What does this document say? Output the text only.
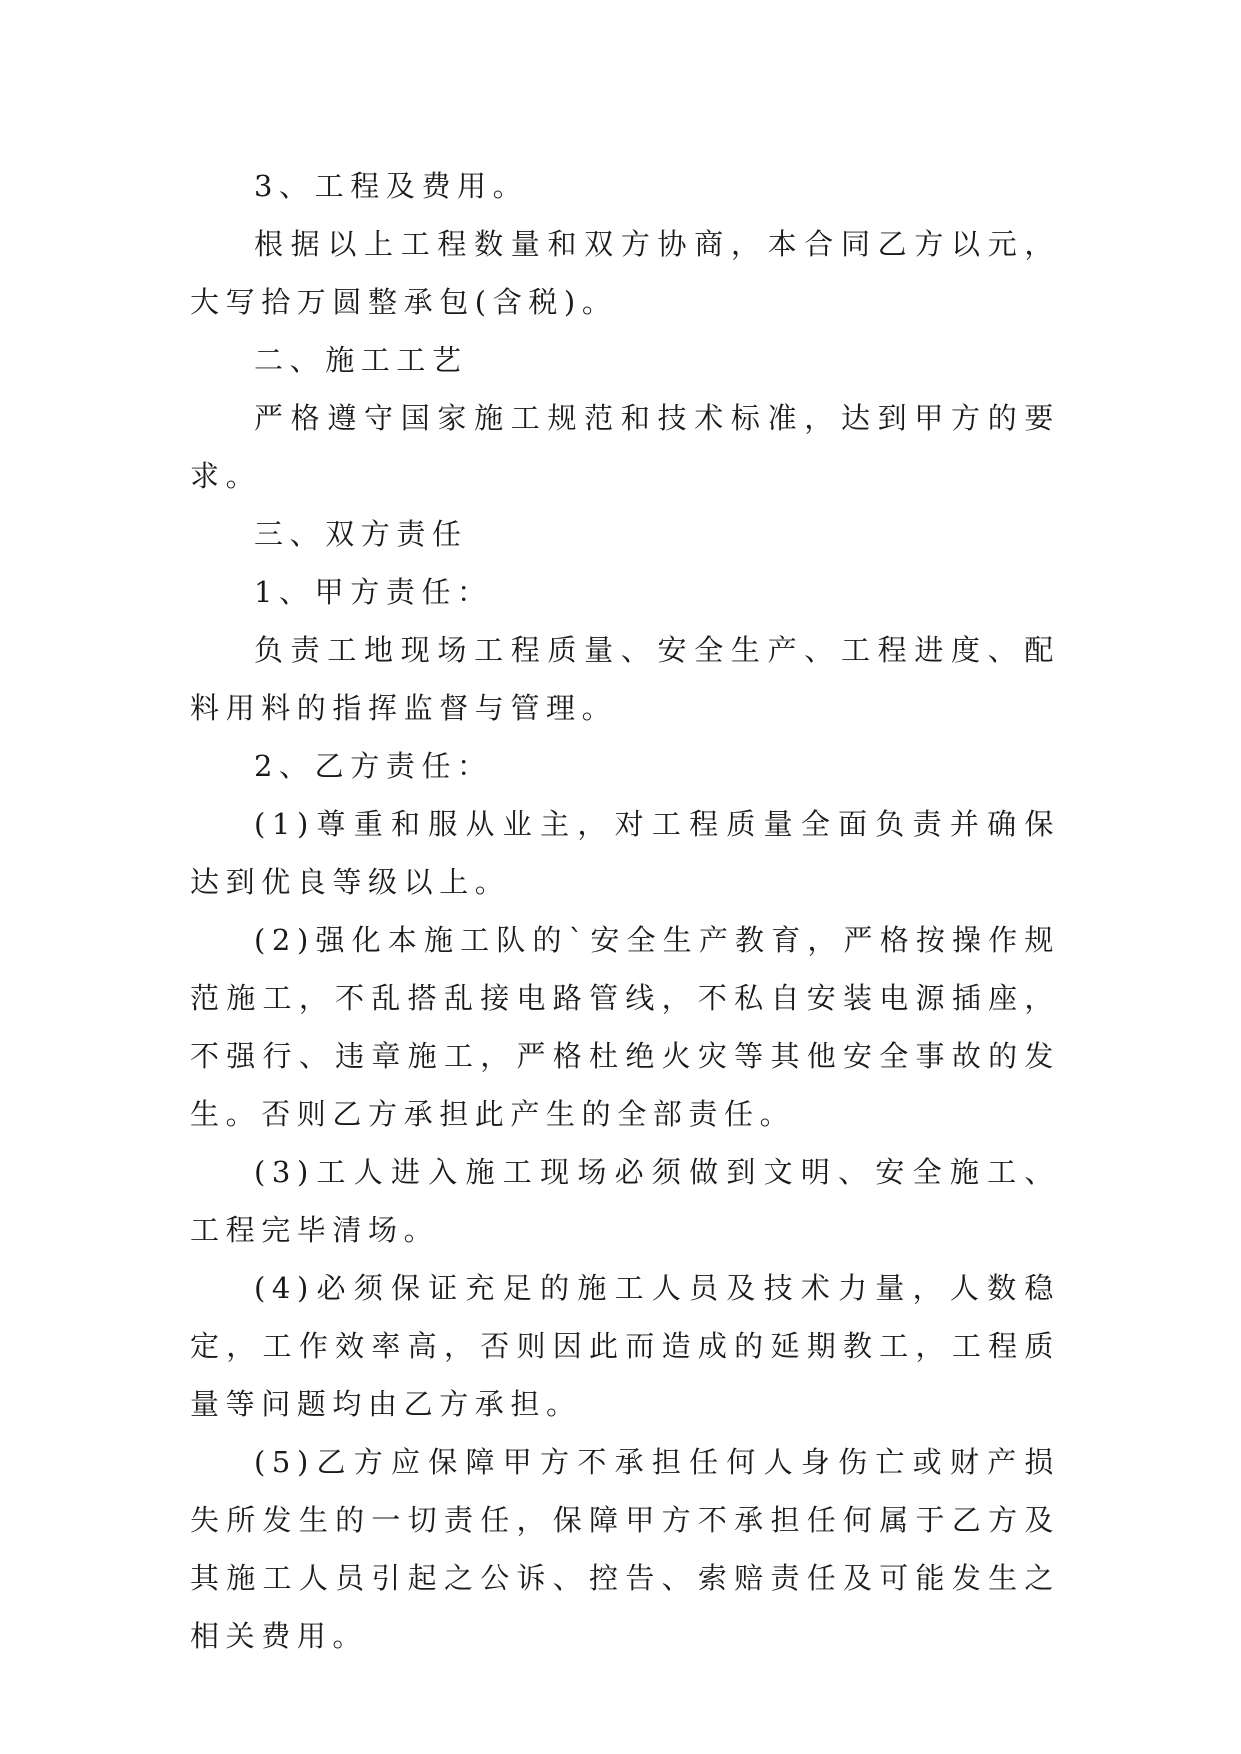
3、工程及费用。

根据以上工程数量和双方协商，本合同乙方以元，大写拾万圆整承包(含税)。

二、施工工艺

严格遵守国家施工规范和技术标准，达到甲方的要求。

三、双方责任

1、甲方责任：

负责工地现场工程质量、安全生产、工程进度、配料用料的指挥监督与管理。

2、乙方责任：

(1)尊重和服从业主，对工程质量全面负责并确保达到优良等级以上。

(2)强化本施工队的`安全生产教育，严格按操作规范施工，不乱搭乱接电路管线，不私自安装电源插座，不强行、违章施工，严格杜绝火灾等其他安全事故的发生。否则乙方承担此产生的全部责任。

(3)工人进入施工现场必须做到文明、安全施工、工程完毕清场。

(4)必须保证充足的施工人员及技术力量，人数稳定，工作效率高，否则因此而造成的延期教工，工程质量等问题均由乙方承担。

(5)乙方应保障甲方不承担任何人身伤亡或财产损失所发生的一切责任，保障甲方不承担任何属于乙方及其施工人员引起之公诉、控告、索赔责任及可能发生之相关费用。
